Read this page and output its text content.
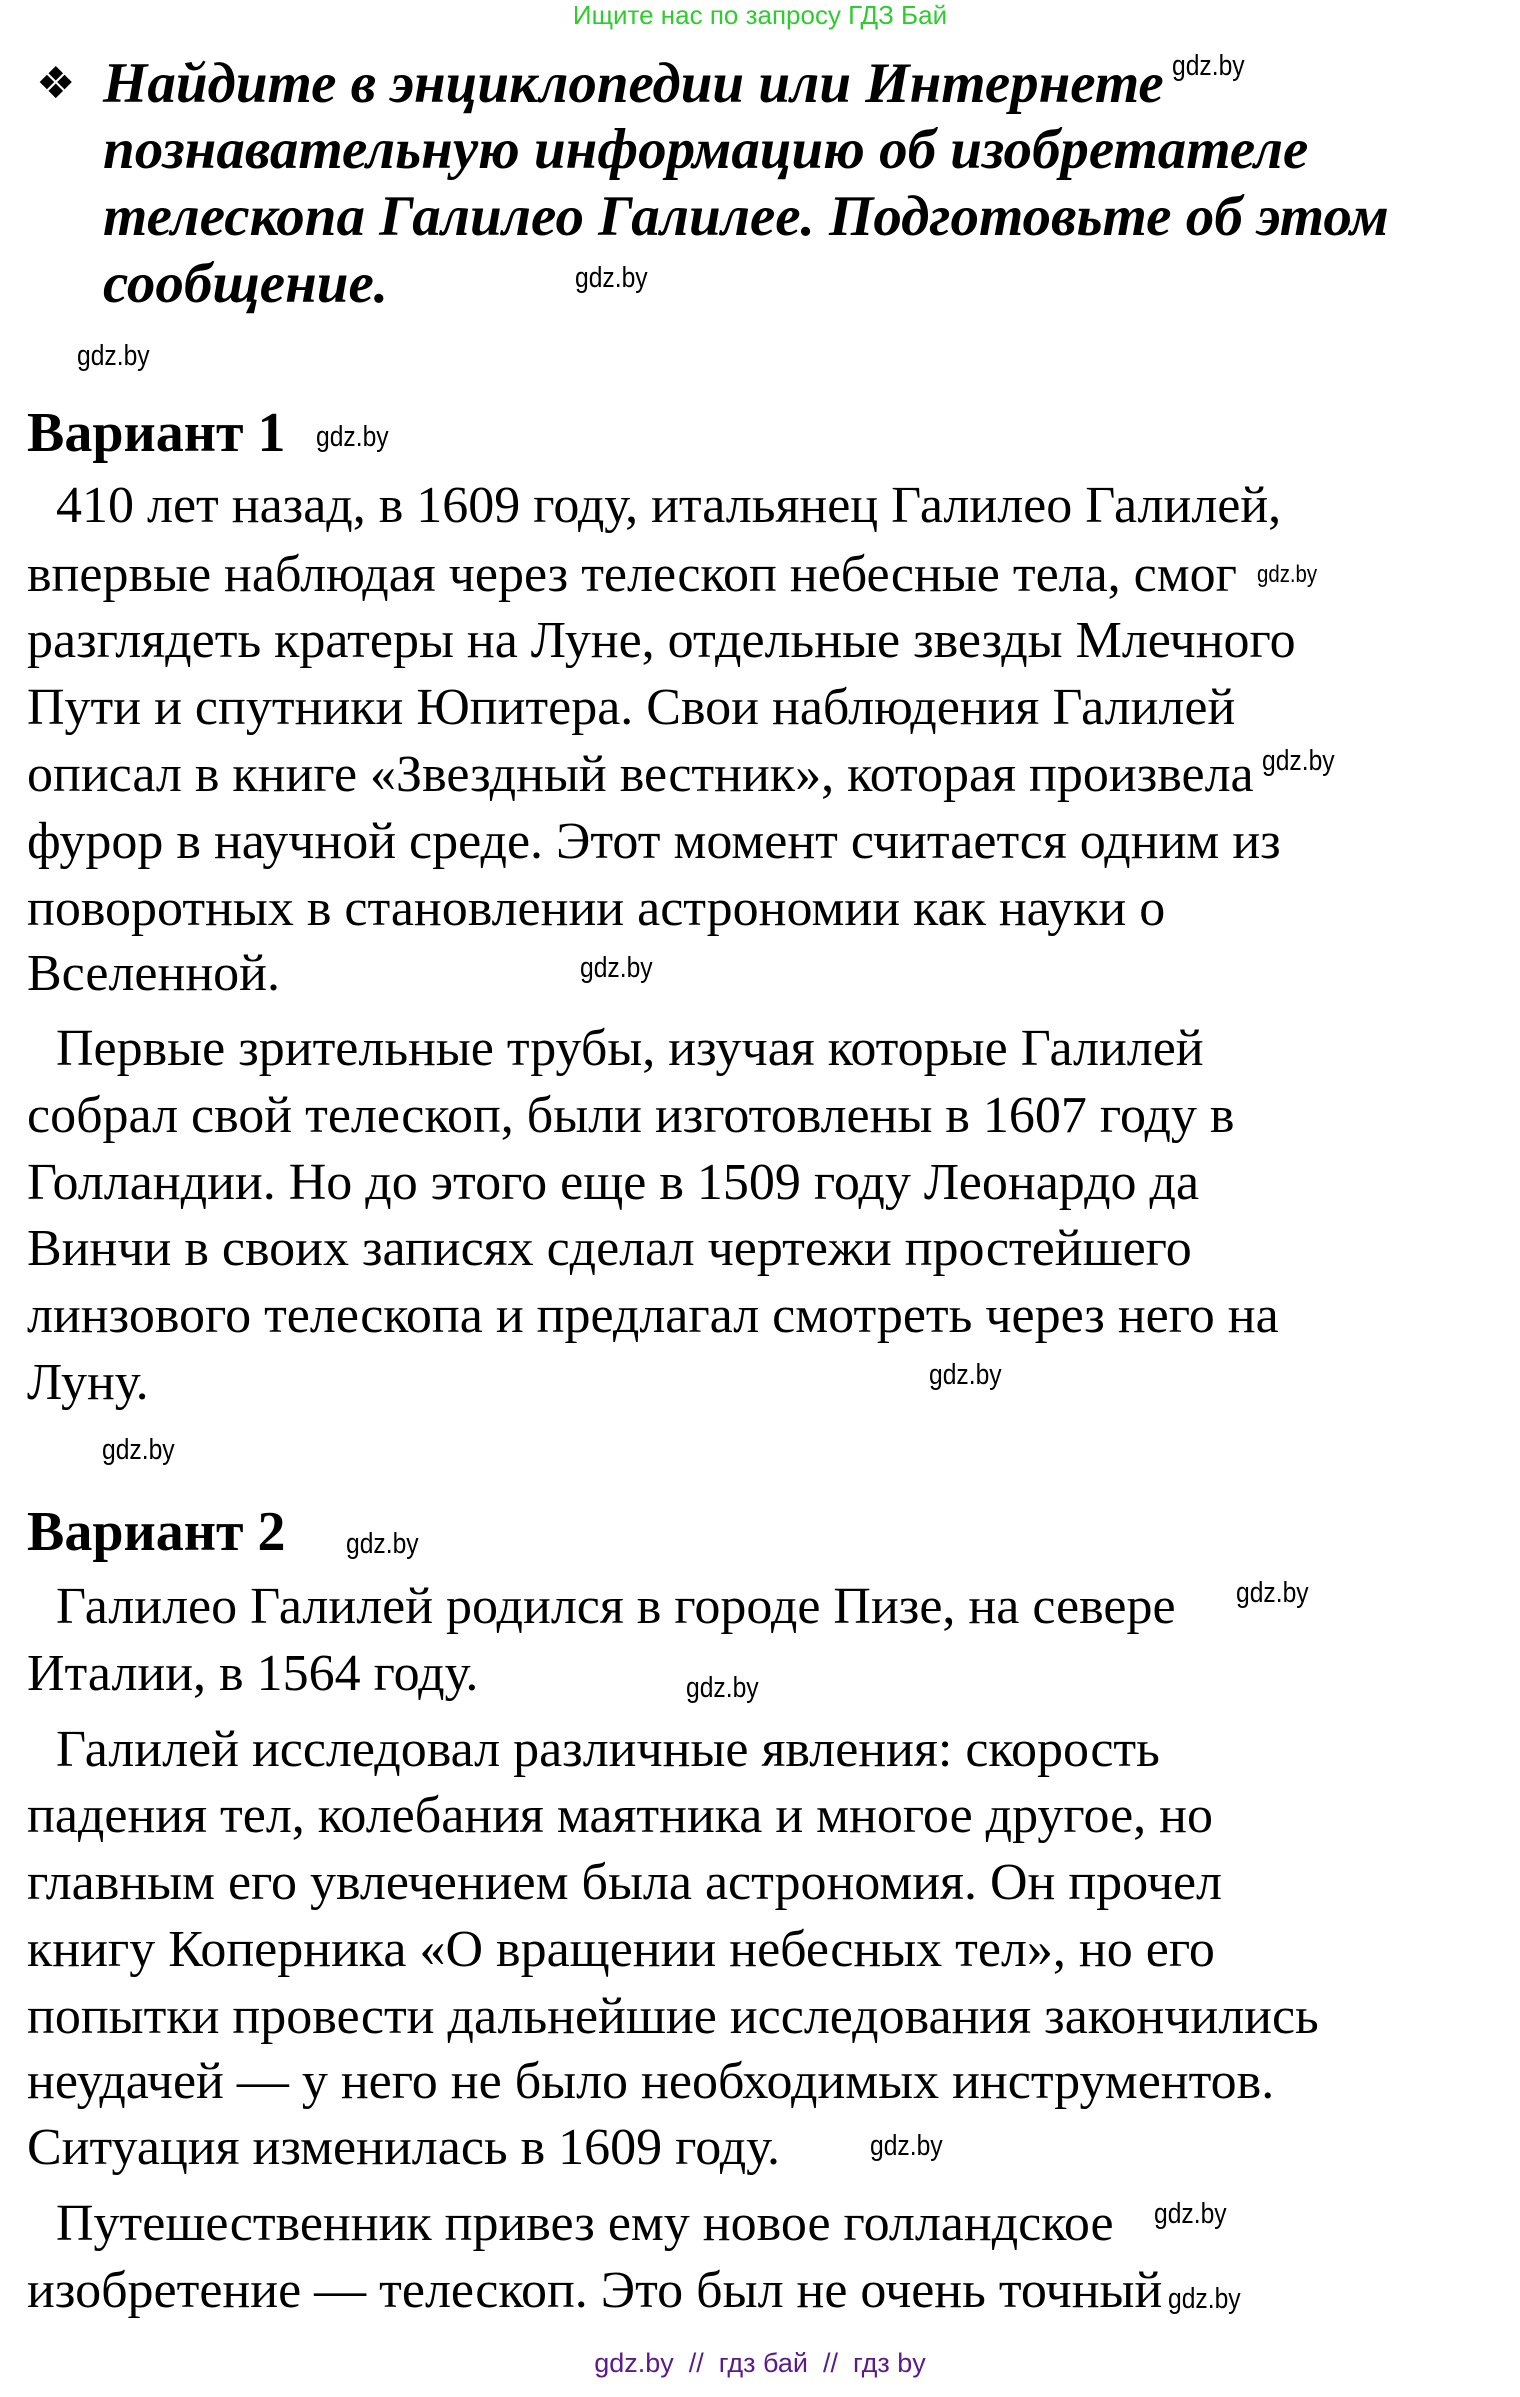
Ищите нас по запросу ГДЗ Бай
❖ Найдите в энциклопедии или Интернете
познавательную информацию об изобретателе
телескопа Галилео Галилее. Подготовьте об этом
сообщение.
Вариант 1
410 лет назад, в 1609 году, итальянец Галилео Галилей,
впервые наблюдая через телескоп небесные тела, смог
разглядеть кратеры на Луне, отдельные звезды Млечного
Пути и спутники Юпитера. Свои наблюдения Галилей
описал в книге «Звездный вестник», которая произвела
фурор в научной среде. Этот момент считается одним из
поворотных в становлении астрономии как науки о
Вселенной.
Первые зрительные трубы, изучая которые Галилей
собрал свой телескоп, были изготовлены в 1607 году в
Голландии. Но до этого еще в 1509 году Леонардо да
Винчи в своих записях сделал чертежи простейшего
линзового телескопа и предлагал смотреть через него на
Луну.
Вариант 2
Галилео Галилей родился в городе Пизе, на севере
Италии, в 1564 году.
Галилей исследовал различные явления: скорость
падения тел, колебания маятника и многое другое, но
главным его увлечением была астрономия. Он прочел
книгу Коперника «О вращении небесных тел», но его
попытки провести дальнейшие исследования закончились
неудачей — у него не было необходимых инструментов.
Ситуация изменилась в 1609 году.
Путешественник привез ему новое голландское
изобретение — телескоп. Это был не очень точный
gdz.by
gdz.by
gdz.by
gdz.by
gdz.by
gdz.by
gdz.by
gdz.by
gdz.by
gdz.by
gdz.by
gdz.by
gdz.by
gdz.by
gdz.by
gdz.by  //  гдз бай  //  гдз by
